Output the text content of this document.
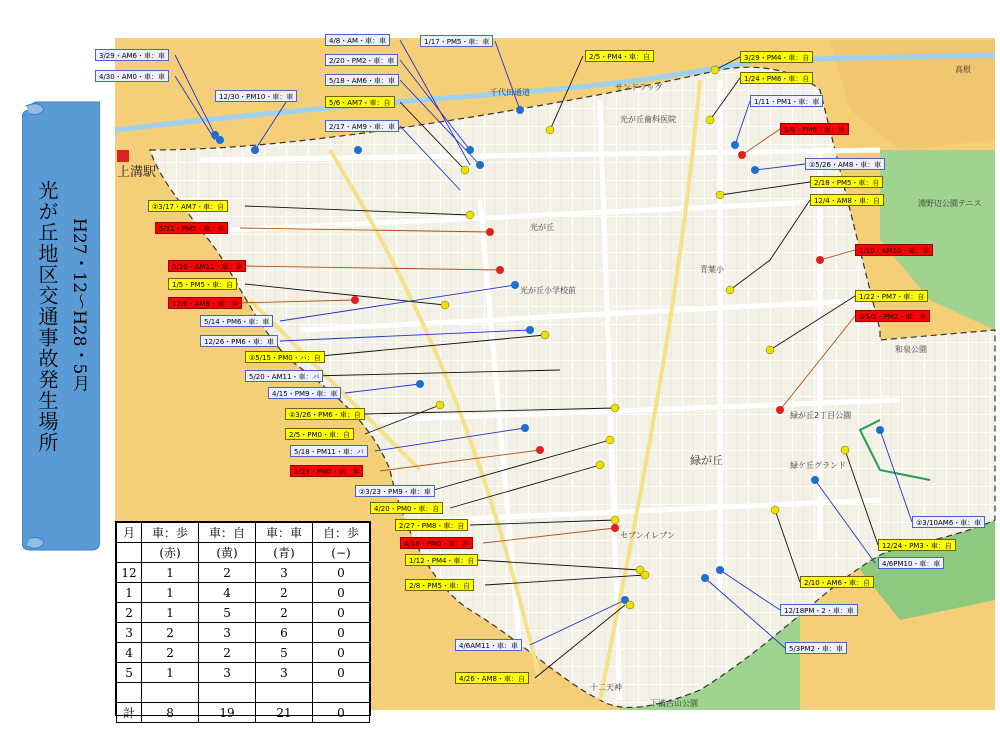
上溝駅
光が丘
青葉小
緑が丘
千代田通道
光が丘小学校前
緑が丘2丁目公園
下溝古山公園
淵野辺公園テニス
和泉公園
緑ケ丘グランド
サンドラッグ
光が丘歯科医院
セブンイレブン
十二天神
高根
光が丘地区交通事故発生場所 H27・12～H28・5月
3/29・AM6・車：車
4/30・AM0・車：車
4/8・AM・車：車
2/20・PM2・車：車
5/18・AM6・車：車
5/6・AM7・車：自
2/17・AM9・車：車
1/17・PM5・車：車
12/30・PM10・車：車
2/5・PM4・車：自	3/29・PM4・車：自
1/24・PM6・車：自
1/11・PM1・車：車
5/8・PM6・車：歩
②5/26・AM8・車：車
2/18・PM5・車：自
12/4・AM8・車：自
②3/17・AM7・車：自
5/31・PM5・車：歩
5/16・AM11・車：歩
1/5・PM5・車：自
12/6・AM8・車：歩
1/10・AM10・車：歩
1/22・PM7・車：自
②5/5・PM2・車：歩
5/14・PM6・車：車
12/26・PM6・車：車
②5/15・PM0・バ：自
5/20・AM11・車：バ
4/15・PM9・車：車
②3/26・PM6・車：自
2/5・PM0・車：自
5/18・PM11・車：バ
2/23・PM0・車：歩
②3/23・PM9・車：車
4/20・PM0・車：自
2/27・PM8・車：自
4/18・PM0・車：歩
1/12・PM4・車：自
2/8・PM5・車：自
4/6AM11・車：車
4/26・AM8・車：自
②3/10AM6・車：車
12/24・PM3・車：自
4/6PM10・車：車
2/10・AM6・車：自
12/18PM・2・車：車
5/3PM2・車：車
月	車：歩	車：自	車：車	自：歩
	(赤)	(黄)	(青)	(−)
12	1	2	3	0
1	1	4	2	0
2	1	5	2	0
3	2	3	6	0
4	2	2	5	0
5	1	3	3	0

計	8	19	21	0
